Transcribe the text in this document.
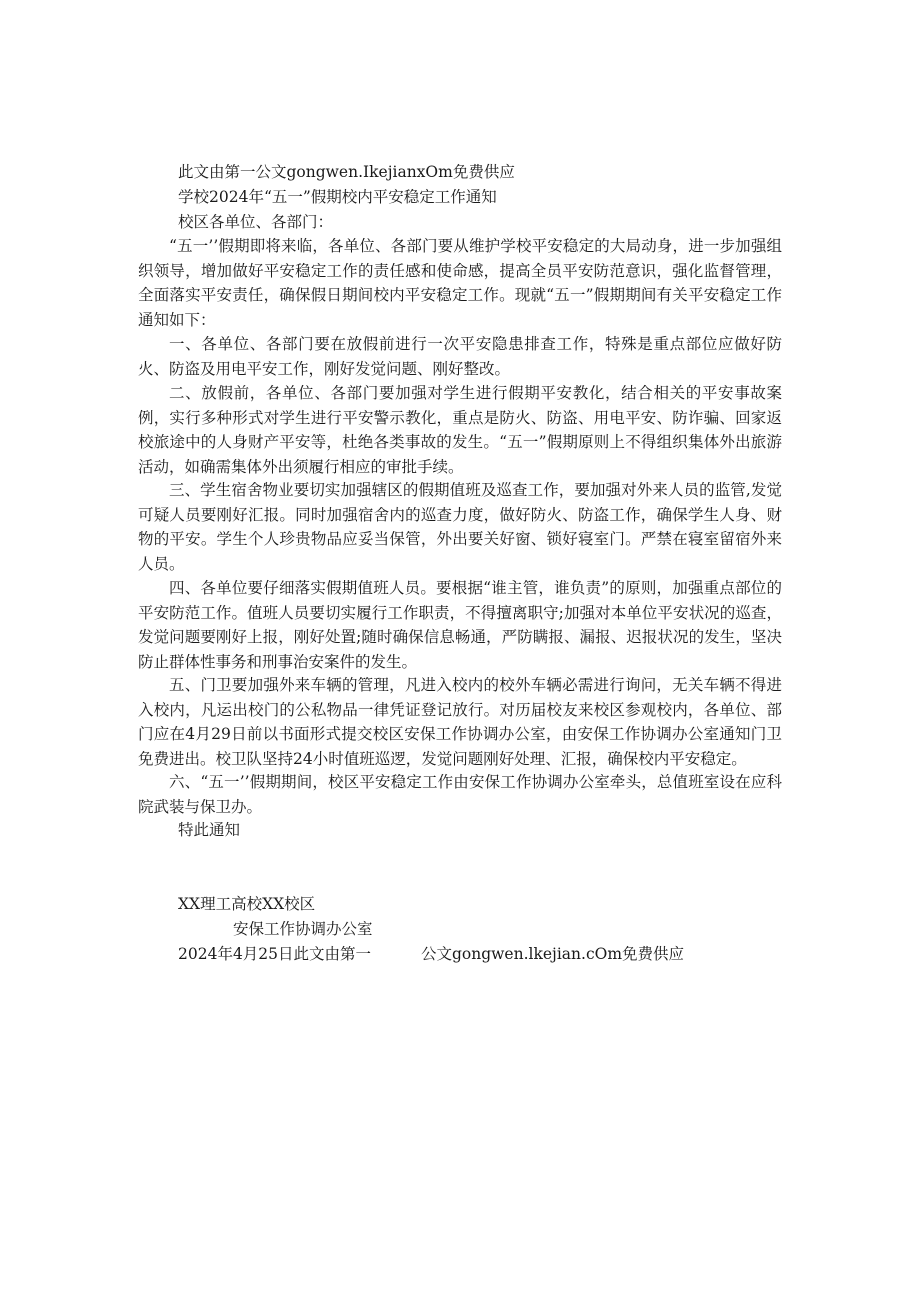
此文由第一公文gongwen.IkejianxOm免费供应
学校2024年“五一”假期校内平安稳定工作通知
校区各单位、各部门：
“五一’’假期即将来临，各单位、各部门要从维护学校平安稳定的大局动身，进一步加强组织领导，增加做好平安稳定工作的责任感和使命感，提高全员平安防范意识，强化监督管理，全面落实平安责任，确保假日期间校内平安稳定工作。现就“五一”假期期间有关平安稳定工作通知如下：
一、各单位、各部门要在放假前进行一次平安隐患排查工作，特殊是重点部位应做好防火、防盗及用电平安工作，刚好发觉问题、刚好整改。
二、放假前，各单位、各部门要加强对学生进行假期平安教化，结合相关的平安事故案例，实行多种形式对学生进行平安警示教化，重点是防火、防盗、用电平安、防诈骗、回家返校旅途中的人身财产平安等，杜绝各类事故的发生。“五一”假期原则上不得组织集体外出旅游活动，如确需集体外出须履行相应的审批手续。
三、学生宿舍物业要切实加强辖区的假期值班及巡查工作，要加强对外来人员的监管,发觉可疑人员要刚好汇报。同时加强宿舍内的巡查力度，做好防火、防盗工作，确保学生人身、财物的平安。学生个人珍贵物品应妥当保管，外出要关好窗、锁好寝室门。严禁在寝室留宿外来人员。
四、各单位要仔细落实假期值班人员。要根据“谁主管，谁负责”的原则，加强重点部位的平安防范工作。值班人员要切实履行工作职责，不得擅离职守;加强对本单位平安状况的巡查，发觉问题要刚好上报，刚好处置;随时确保信息畅通，严防瞒报、漏报、迟报状况的发生，坚决防止群体性事务和刑事治安案件的发生。
五、门卫要加强外来车辆的管理，凡进入校内的校外车辆必需进行询问，无关车辆不得进入校内，凡运出校门的公私物品一律凭证登记放行。对历届校友来校区参观校内，各单位、部门应在4月29日前以书面形式提交校区安保工作协调办公室，由安保工作协调办公室通知门卫免费进出。校卫队坚持24小时值班巡逻，发觉问题刚好处理、汇报，确保校内平安稳定。
六、“五一’’假期期间，校区平安稳定工作由安保工作协调办公室牵头，总值班室设在应科院武装与保卫办。
特此通知
XX理工高校XX校区
安保工作协调办公室
2024年4月25日此文由第一	公文gongwen.lkejian.cOm免费供应
